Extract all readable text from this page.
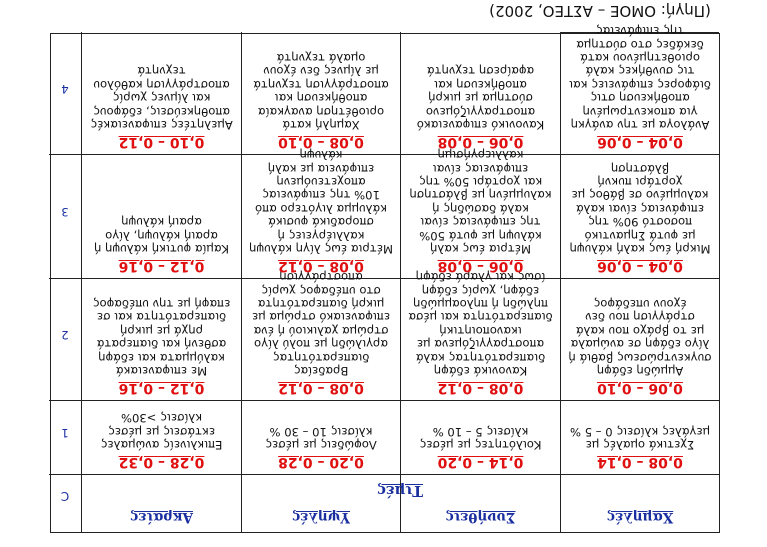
Χαμηλές
Συνήθεις
Υψηλές
Ακραίες
C
0,08 – 0,14
Σχετικά ομαλές με μεγάλες κλίσεις 0 – 5 %
0,14 – 0,20
Κοιλότητες με μέσες κλίσεις 5 – 10 %
0,20 – 0,28
Λοφώδεις με μέσες κλίσεις 10 – 30 %
0,28 – 0,32
Επικλινείς ανώμαλες εκτάσεις με μέσες κλίσεις >30%
1
0,06 – 0,10
Αμμώδη εδάφη συγκεντρώσεως βαθιά ή λίγο εδάφη σε ανώμαλα με το βράχο που καλά στράγγιση που δεν έχουν υπεδάφος
0,08 – 0,12
Κανονικά εδάφη διαπερατότητας καλά αποστραγγιζόμενα με ικανοποιητική διαπερατότητα και μέσα πηλώδη ή πηλοαμμώδη εδάφη, χωρίς εδάφη ίσως και γλαρά εδάφη
0,08 – 0,12
Βραδείας διαπερατότητας αργιλώδη με πολύ λίγο στρώμα χαλικιού ή ένα επιφανειακό στρώμα με μικρή διαπερατότητα στο υπέδαφος χωρίς αποστράγγιση
0,12 – 0,16
Με επιφανειακά καλύμματα και εδάφη ασθενή και διαπερατά ρηχά με μικρή διαπερατότητα και σε επαφή με την υπέδαφος
2
0,04 – 0,06
Μικρή έως καλή κάλυψη με φυτά Σημαντικό ποσοστό 90% της επιφάνειας είναι καλά καλυμμένο σε βάθος με χορτάρι πυκνή βλάστηση
0,06 – 0,08
Μέτρια έως καλή κάλυψη με φυτά 50% της επιφάνειας είναι καλά δασώδης ή καλυμμένη με βλάστηση και χορτάρι 50% της επιφάνειας είναι καλλιεργήσιμη
0,08 – 0,12
Μέτρια έως λίγη κάλυψη καλλιέργειες ή σποραδικά φυσικά κάλυμμα λιγότερο από 10% της επιφάνειας αποχετευόμενη επιφάνεια με καλή κάλυψη
0,12 – 0,16
Καμία φυτική κάλυψη ή αραιή κάλυψη, λίγο αραιή κάλυψη
3
0,04 – 0,06
Ανάλογα με την ανάγκη για αποκεντρωμένη αποθήκευση στις διάφορες επιφάνειες και τις συνθήκες καλά οριοθετημένου κατά δεκάδες στο σύστημα της επιφάνειας
0,06 – 0,08
Κανονικό επιφανειακό αποστραγγιζόμενο σύστημα με μικρή αποθήκευση και αφαίρεση τεχνητά
0,08 – 0,10
Χαμηλή κατά οριοθέτηση αναγκαία αποθήκευση και αποστράγγιση τεχνητά με λίμνες δεν έχουν ομαλά τεχνητά
0,10 – 0,12
Αμελητέες επιφανειακές αποθηκεύσεις, εδάφους και λίμνες χωρίς αποστράγγιση καθόλου τεχνητά
4
Τιμές
(Πηγή: ΟΜΟΕ – ΑΣΤΕΟ, 2002)
